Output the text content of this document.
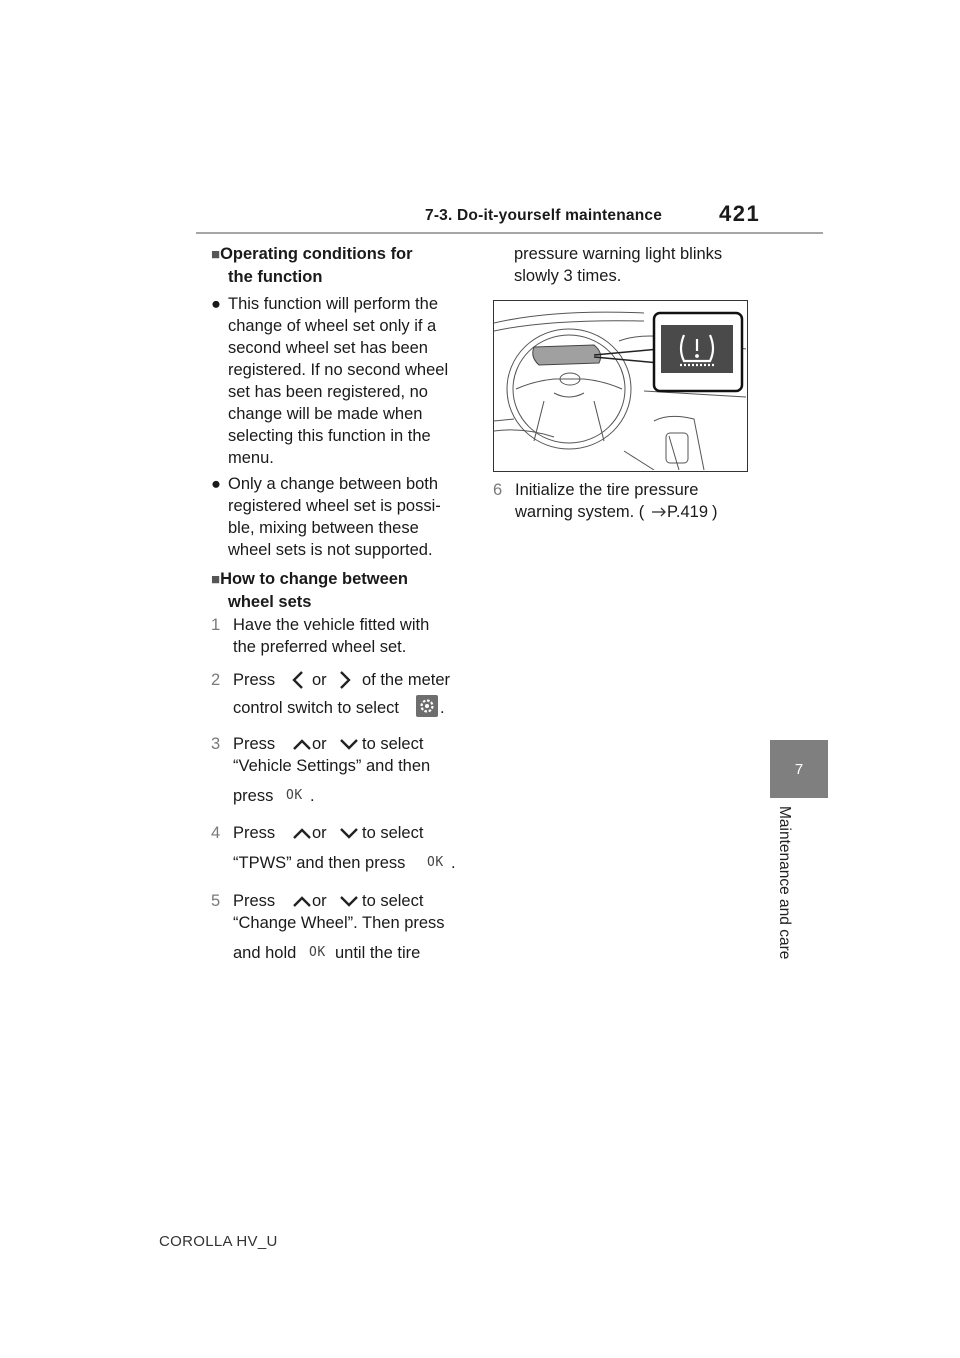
7-3. Do-it-yourself maintenance	421
7
Maintenance and care
■Operating conditions for
the function
● This function will perform the
change of wheel set only if a
second wheel set has been
registered. If no second wheel
set has been registered, no
change will be made when
selecting this function in the
menu.
● Only a change between both
registered wheel set is possi-
ble, mixing between these
wheel sets is not supported.
■How to change between
wheel sets
1 Have the vehicle fitted with
the preferred wheel set.
2 Press or of the meter
control switch to select .
3 Press or to select
“Vehicle Settings” and then
press OK .
4 Press or to select
“TPWS” and then press OK .
5 Press or to select
“Change Wheel”. Then press
and hold OK until the tire
pressure warning light blinks
slowly 3 times.
6 Initialize the tire pressure
warning system. ( P.419 )
COROLLA HV_U
